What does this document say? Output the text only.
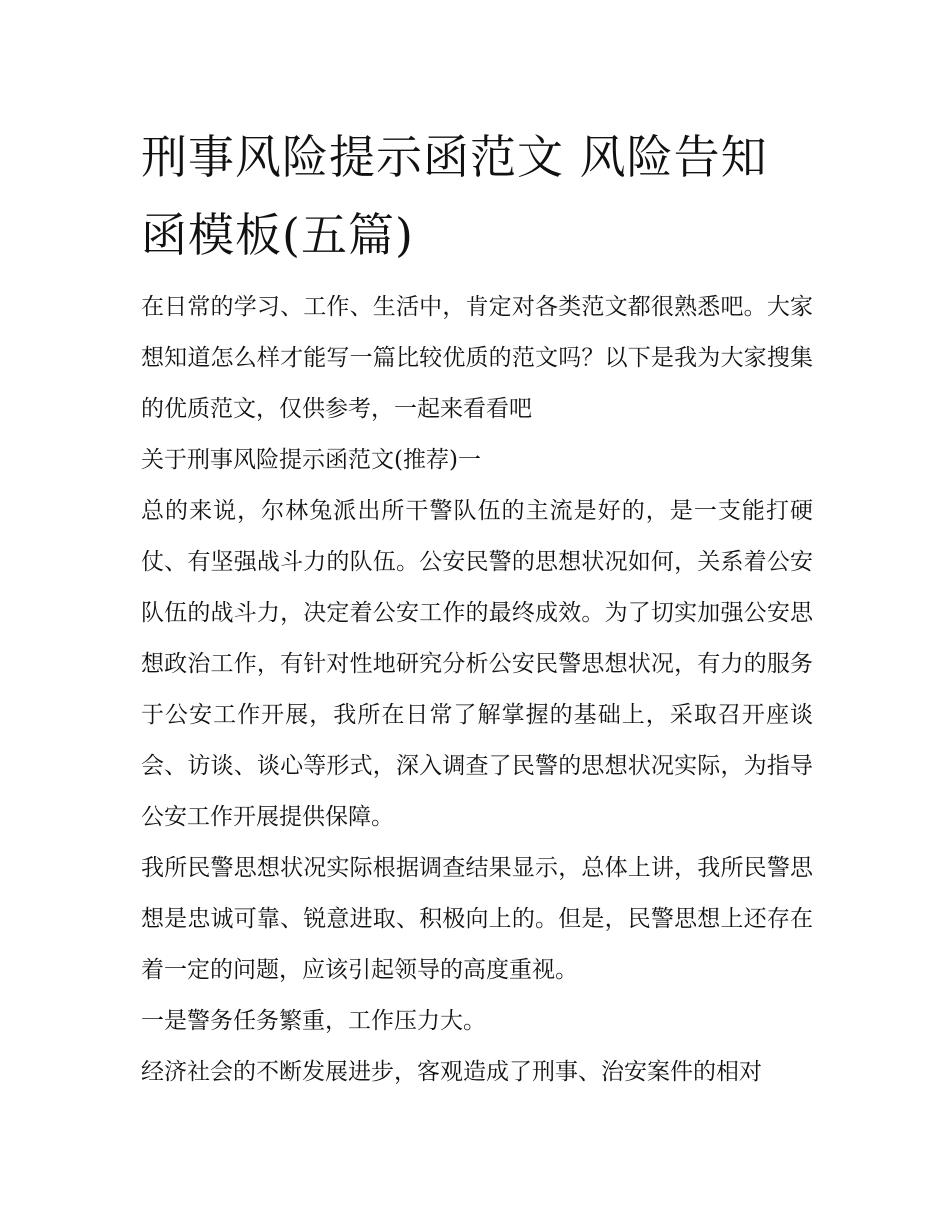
刑事风险提示函范文 风险告知函模板(五篇)

在日常的学习、工作、生活中，肯定对各类范文都很熟悉吧。大家想知道怎么样才能写一篇比较优质的范文吗？以下是我为大家搜集的优质范文，仅供参考，一起来看看吧

关于刑事风险提示函范文(推荐)一

总的来说，尔林兔派出所干警队伍的主流是好的，是一支能打硬仗、有坚强战斗力的队伍。公安民警的思想状况如何，关系着公安队伍的战斗力，决定着公安工作的最终成效。为了切实加强公安思想政治工作，有针对性地研究分析公安民警思想状况，有力的服务于公安工作开展，我所在日常了解掌握的基础上，采取召开座谈会、访谈、谈心等形式，深入调查了民警的思想状况实际，为指导公安工作开展提供保障。

我所民警思想状况实际根据调查结果显示，总体上讲，我所民警思想是忠诚可靠、锐意进取、积极向上的。但是，民警思想上还存在着一定的问题，应该引起领导的高度重视。

一是警务任务繁重，工作压力大。

经济社会的不断发展进步，客观造成了刑事、治安案件的相对
